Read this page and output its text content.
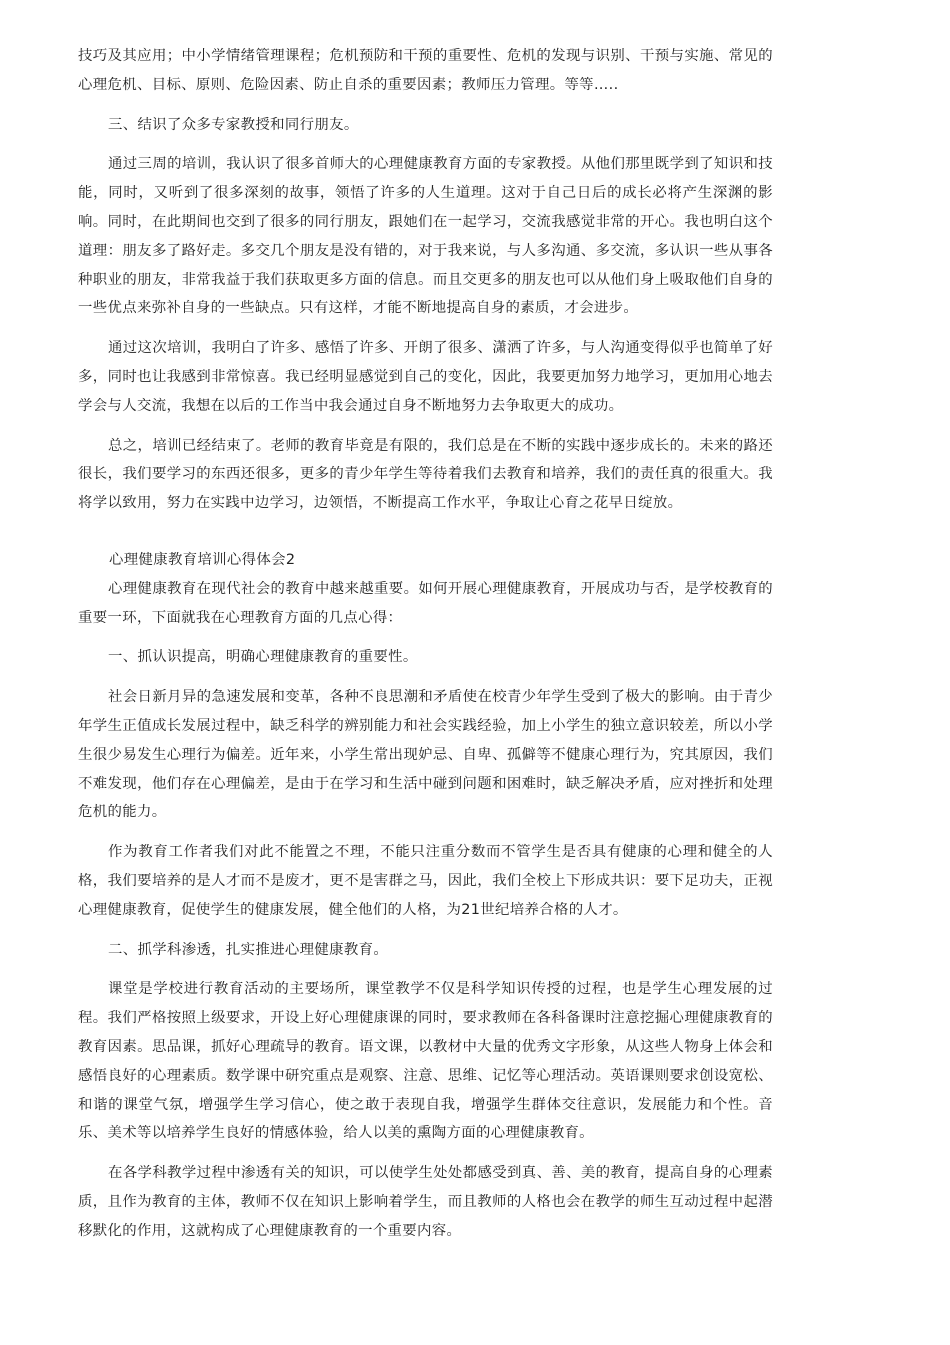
技巧及其应用；中小学情绪管理课程；危机预防和干预的重要性、危机的发现与识别、干预与实施、常见的心理危机、目标、原则、危险因素、防止自杀的重要因素；教师压力管理。等等…..

三、结识了众多专家教授和同行朋友。

通过三周的培训，我认识了很多首师大的心理健康教育方面的专家教授。从他们那里既学到了知识和技能，同时，又听到了很多深刻的故事，领悟了许多的人生道理。这对于自己日后的成长必将产生深渊的影响。同时，在此期间也交到了很多的同行朋友，跟她们在一起学习，交流我感觉非常的开心。我也明白这个道理：朋友多了路好走。多交几个朋友是没有错的，对于我来说，与人多沟通、多交流，多认识一些从事各种职业的朋友，非常我益于我们获取更多方面的信息。而且交更多的朋友也可以从他们身上吸取他们自身的一些优点来弥补自身的一些缺点。只有这样，才能不断地提高自身的素质，才会进步。

通过这次培训，我明白了许多、感悟了许多、开朗了很多、潇洒了许多，与人沟通变得似乎也简单了好多，同时也让我感到非常惊喜。我已经明显感觉到自己的变化，因此，我要更加努力地学习，更加用心地去学会与人交流，我想在以后的工作当中我会通过自身不断地努力去争取更大的成功。

总之，培训已经结束了。老师的教育毕竟是有限的，我们总是在不断的实践中逐步成长的。未来的路还很长，我们要学习的东西还很多，更多的青少年学生等待着我们去教育和培养，我们的责任真的很重大。我将学以致用，努力在实践中边学习，边领悟，不断提高工作水平，争取让心育之花早日绽放。

心理健康教育培训心得体会2

心理健康教育在现代社会的教育中越来越重要。如何开展心理健康教育，开展成功与否，是学校教育的重要一环，下面就我在心理教育方面的几点心得：

一、抓认识提高，明确心理健康教育的重要性。

社会日新月异的急速发展和变革，各种不良思潮和矛盾使在校青少年学生受到了极大的影响。由于青少年学生正值成长发展过程中，缺乏科学的辨别能力和社会实践经验，加上小学生的独立意识较差，所以小学生很少易发生心理行为偏差。近年来，小学生常出现妒忌、自卑、孤僻等不健康心理行为，究其原因，我们不难发现，他们存在心理偏差，是由于在学习和生活中碰到问题和困难时，缺乏解决矛盾，应对挫折和处理危机的能力。

作为教育工作者我们对此不能置之不理，不能只注重分数而不管学生是否具有健康的心理和健全的人格，我们要培养的是人才而不是废才，更不是害群之马，因此，我们全校上下形成共识：要下足功夫，正视心理健康教育，促使学生的健康发展，健全他们的人格，为21世纪培养合格的人才。

二、抓学科渗透，扎实推进心理健康教育。

课堂是学校进行教育活动的主要场所，课堂教学不仅是科学知识传授的过程，也是学生心理发展的过程。我们严格按照上级要求，开设上好心理健康课的同时，要求教师在各科备课时注意挖掘心理健康教育的教育因素。思品课，抓好心理疏导的教育。语文课，以教材中大量的优秀文字形象，从这些人物身上体会和感悟良好的心理素质。数学课中研究重点是观察、注意、思维、记忆等心理活动。英语课则要求创设宽松、和谐的课堂气氛，增强学生学习信心，使之敢于表现自我，增强学生群体交往意识，发展能力和个性。音乐、美术等以培养学生良好的情感体验，给人以美的熏陶方面的心理健康教育。

在各学科教学过程中渗透有关的知识，可以使学生处处都感受到真、善、美的教育，提高自身的心理素质，且作为教育的主体，教师不仅在知识上影响着学生，而且教师的人格也会在教学的师生互动过程中起潜移默化的作用，这就构成了心理健康教育的一个重要内容。
